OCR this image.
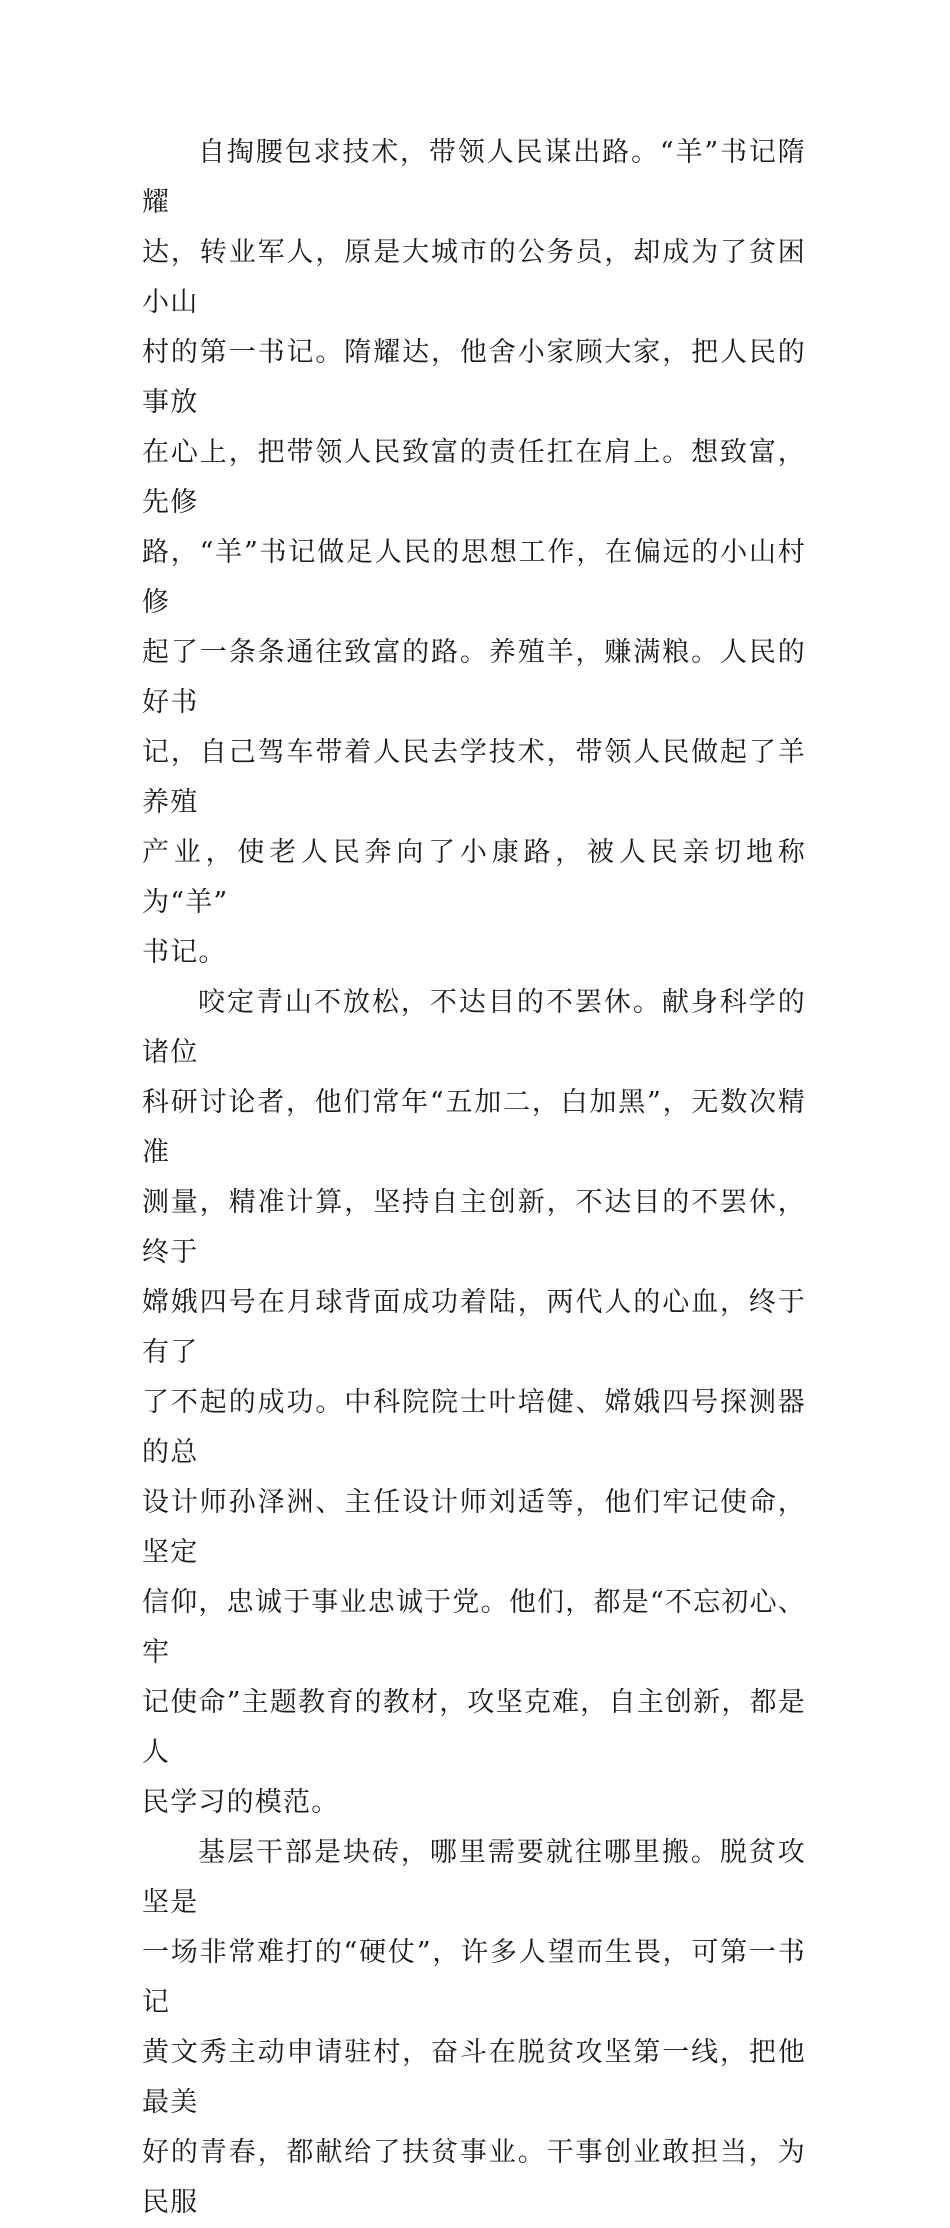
自掏腰包求技术，带领人民谋出路。“羊”书记隋耀
达，转业军人，原是大城市的公务员，却成为了贫困小山
村的第一书记。隋耀达，他舍小家顾大家，把人民的事放
在心上，把带领人民致富的责任扛在肩上。想致富，先修
路，“羊”书记做足人民的思想工作，在偏远的小山村修
起了一条条通往致富的路。养殖羊，赚满粮。人民的好书
记，自己驾车带着人民去学技术，带领人民做起了羊养殖
产业，使老人民奔向了小康路，被人民亲切地称为“羊”
书记。

咬定青山不放松，不达目的不罢休。献身科学的诸位
科研讨论者，他们常年“五加二，白加黑”，无数次精准
测量，精准计算，坚持自主创新，不达目的不罢休，终于
嫦娥四号在月球背面成功着陆，两代人的心血，终于有了
了不起的成功。中科院院士叶培健、嫦娥四号探测器的总
设计师孙泽洲、主任设计师刘适等，他们牢记使命，坚定
信仰，忠诚于事业忠诚于党。他们，都是“不忘初心、牢
记使命”主题教育的教材，攻坚克难，自主创新，都是人
民学习的模范。

基层干部是块砖，哪里需要就往哪里搬。脱贫攻坚是
一场非常难打的“硬仗”，许多人望而生畏，可第一书记
黄文秀主动申请驻村，奋斗在脱贫攻坚第一线，把他最美
好的青春，都献给了扶贫事业。干事创业敢担当，为民服
